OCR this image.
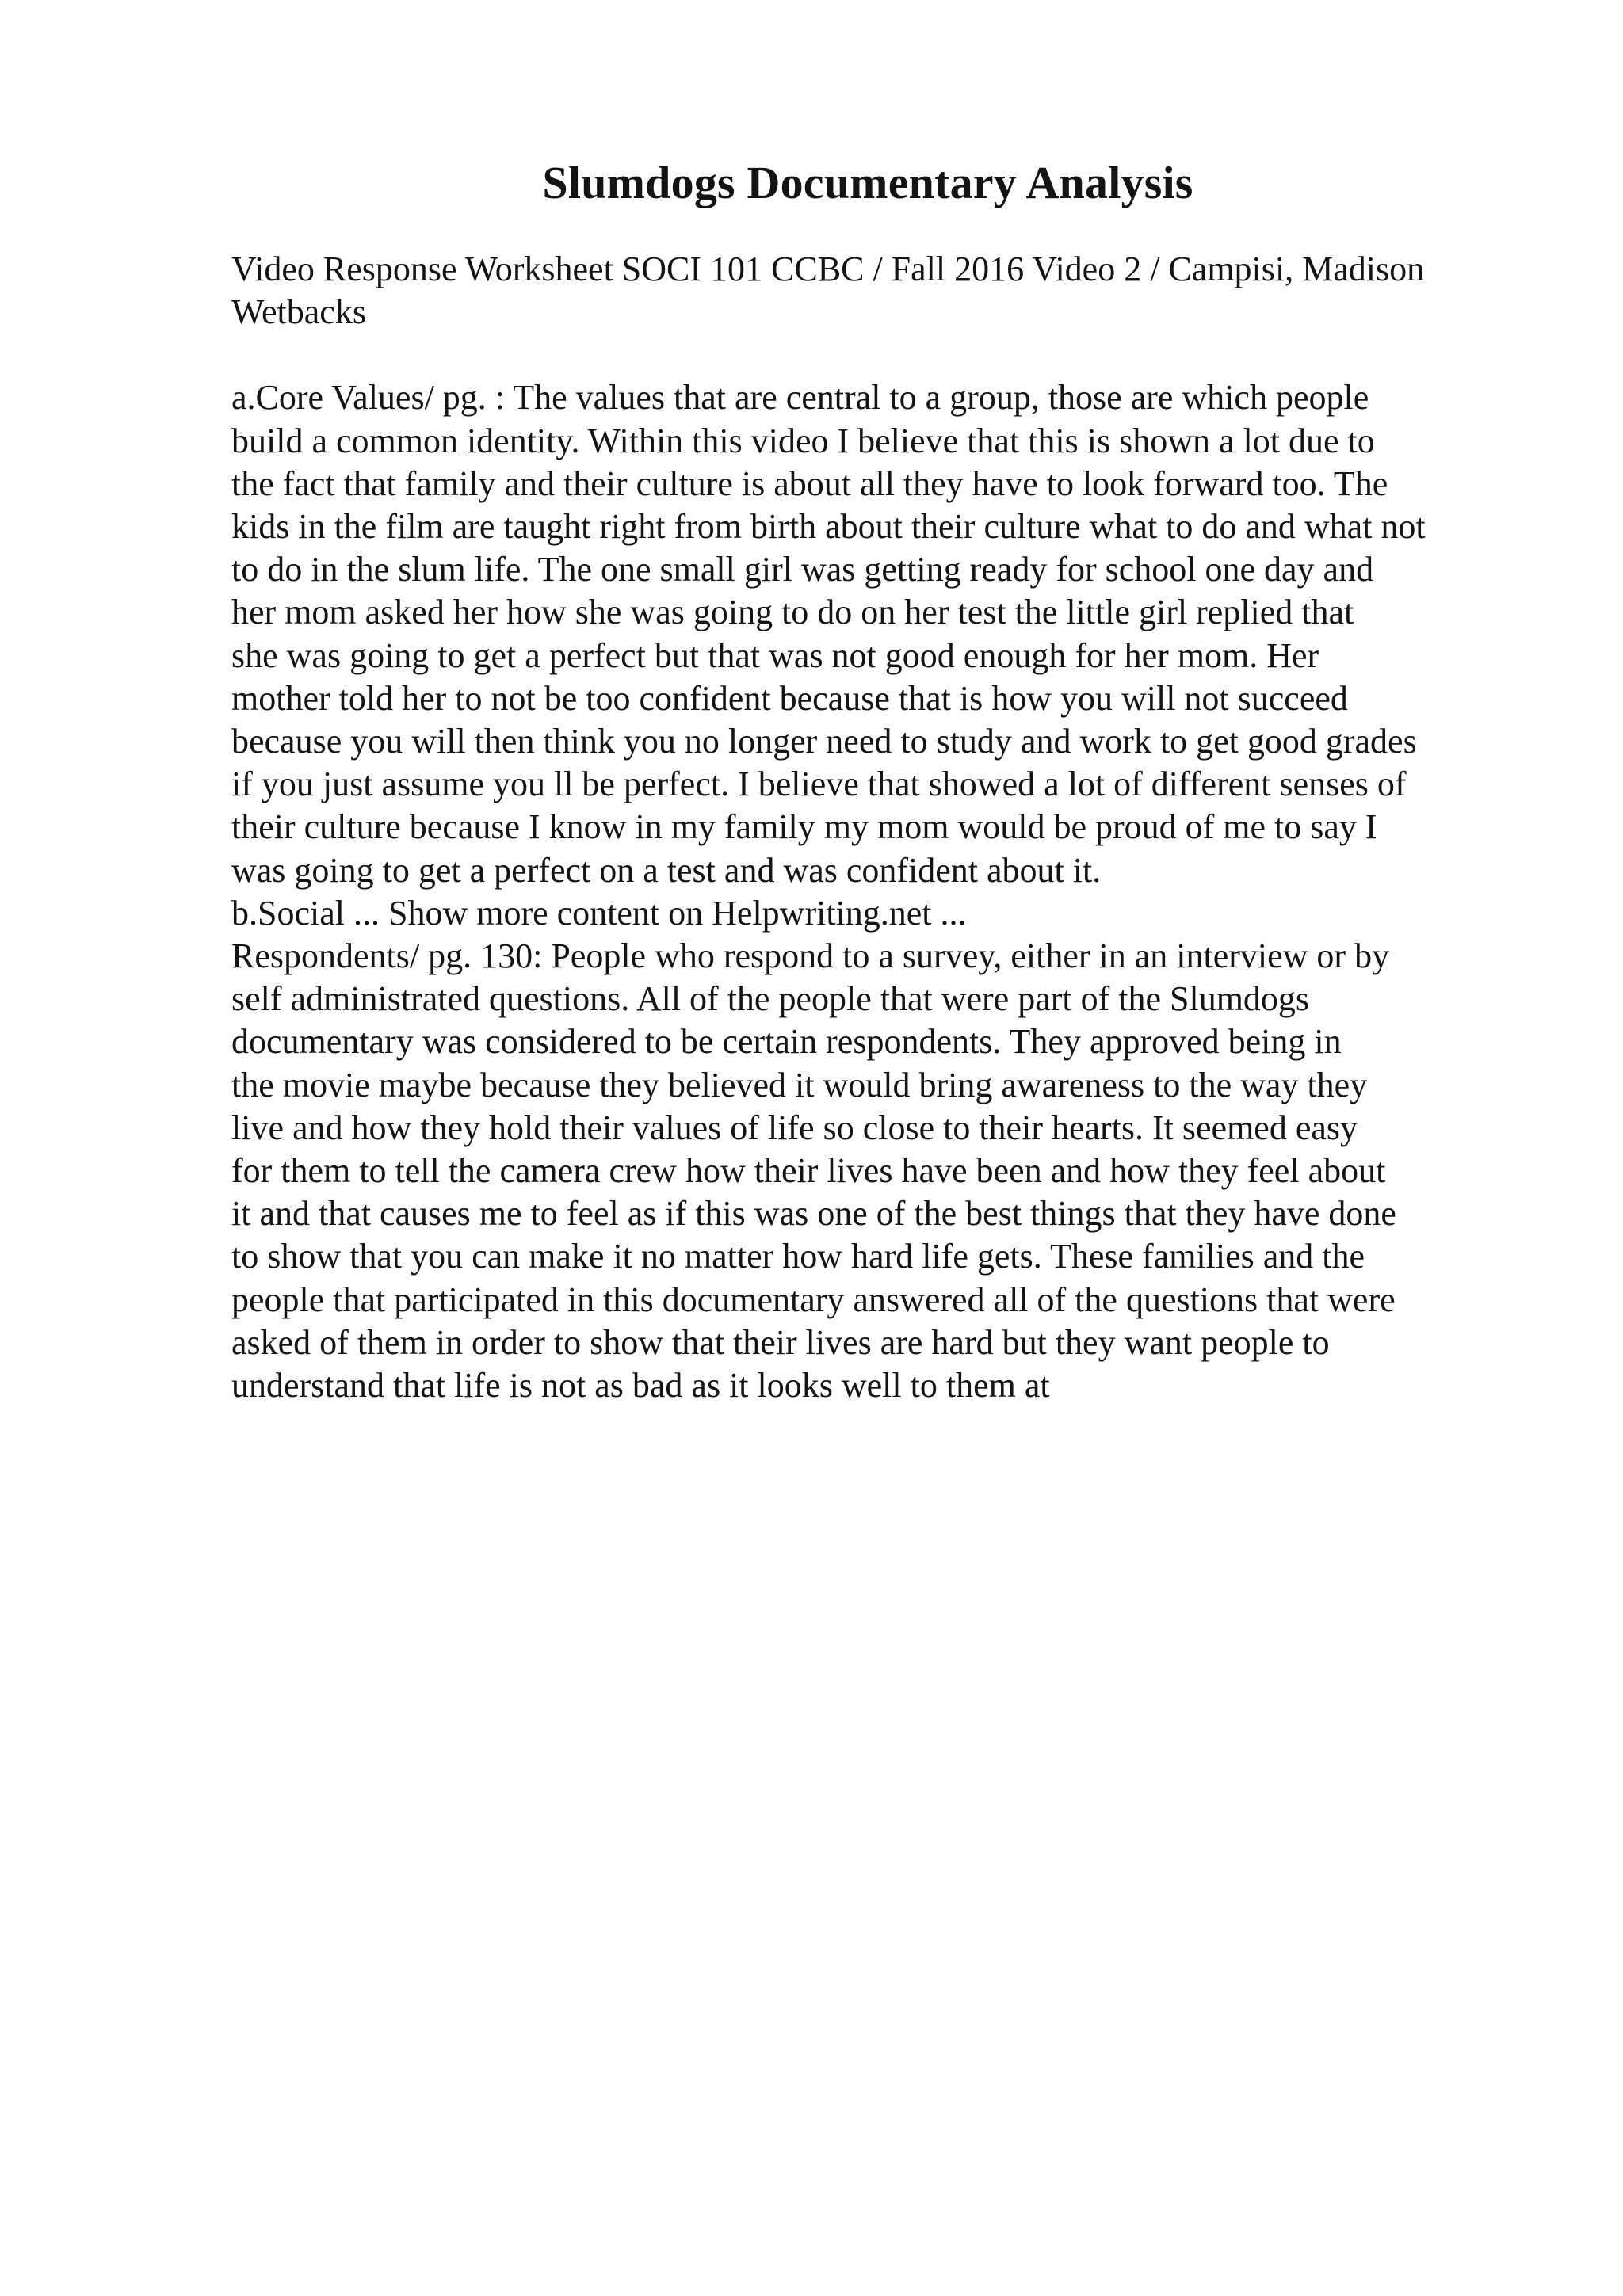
Slumdogs Documentary Analysis
Video Response Worksheet SOCI 101 CCBC / Fall 2016 Video 2 / Campisi, Madison
Wetbacks
a.Core Values/ pg. : The values that are central to a group, those are which people
build a common identity. Within this video I believe that this is shown a lot due to
the fact that family and their culture is about all they have to look forward too. The
kids in the film are taught right from birth about their culture what to do and what not
to do in the slum life. The one small girl was getting ready for school one day and
her mom asked her how she was going to do on her test the little girl replied that
she was going to get a perfect but that was not good enough for her mom. Her
mother told her to not be too confident because that is how you will not succeed
because you will then think you no longer need to study and work to get good grades
if you just assume you ll be perfect. I believe that showed a lot of different senses of
their culture because I know in my family my mom would be proud of me to say I
was going to get a perfect on a test and was confident about it.
b.Social ... Show more content on Helpwriting.net ...
Respondents/ pg. 130: People who respond to a survey, either in an interview or by
self administrated questions. All of the people that were part of the Slumdogs
documentary was considered to be certain respondents. They approved being in
the movie maybe because they believed it would bring awareness to the way they
live and how they hold their values of life so close to their hearts. It seemed easy
for them to tell the camera crew how their lives have been and how they feel about
it and that causes me to feel as if this was one of the best things that they have done
to show that you can make it no matter how hard life gets. These families and the
people that participated in this documentary answered all of the questions that were
asked of them in order to show that their lives are hard but they want people to
understand that life is not as bad as it looks well to them at
